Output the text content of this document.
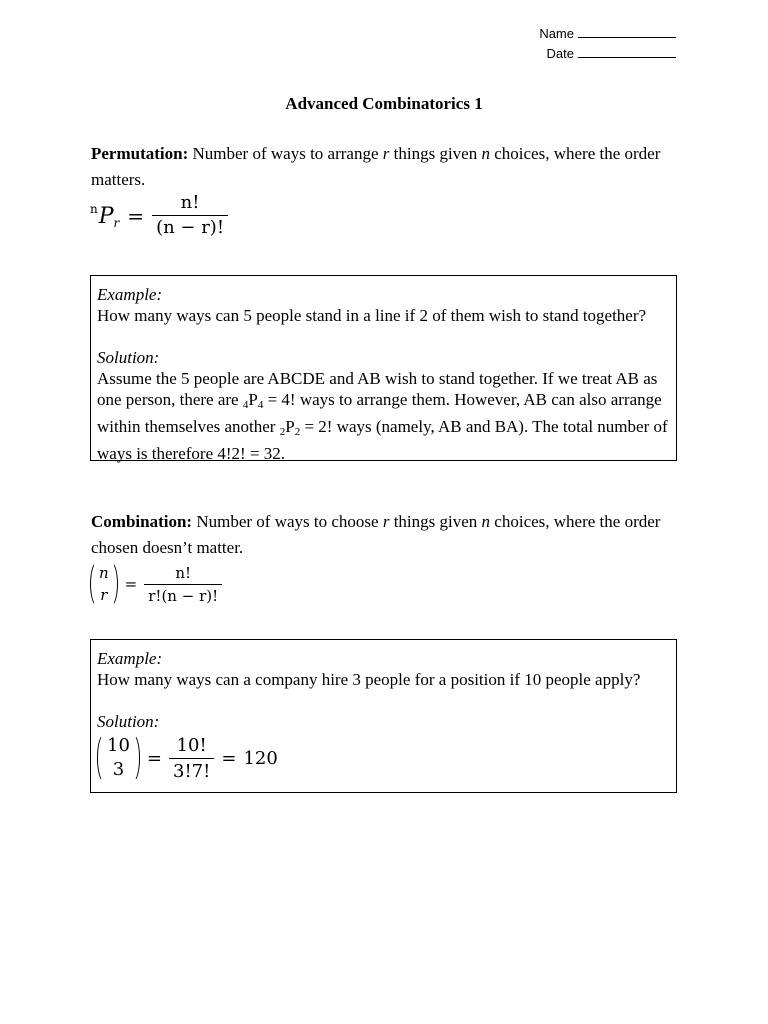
Name
Date
Advanced Combinatorics 1
Permutation: Number of ways to arrange r things given n choices, where the order matters.
$^nP_r = \frac{n!}{(n - r)!}$
Example:

How many ways can 5 people stand in a line if 2 of them wish to stand together?

Solution:

Assume the 5 people are ABCDE and AB wish to stand together. If we treat AB as one person, there are $_4P_4 = 4$! ways to arrange them. However, AB can also arrange within themselves another $_2P_2 = 2$! ways (namely, AB and BA). The total number of ways is therefore 4!2! = 32.

Combination: Number of ways to choose r things given n choices, where the order chosen doesn’t matter.
n
r
= $\frac{n!}{r!(n - r)!}$
Example:

How many ways can a company hire 3 people for a position if 10 people apply?

Solution:
10
3
= $\frac{10!}{3!7!} = 120$
